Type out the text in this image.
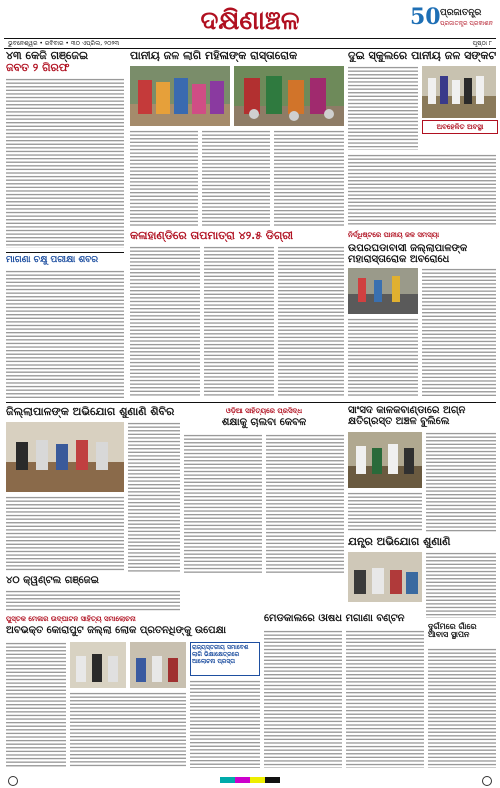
ଦକ୍ଷିଣାଞ୍ଚଳ	50 ପ୍ରଜାତନ୍ତ୍ର
ପ୍ରଜାତନ୍ତ୍ର ପ୍ରକାଶନ
ଭୁବନେଶ୍ୱର • ରବିବାର • ୩୦ ଏପ୍ରିଲ, ୨୦୨୩	ପୃଷ୍ଠା ୮
୪୩ କେଜି ଗଞ୍ଜେଇ
ଜବତ ୨ ଗିରଫ
ମାଗଣା ଚକ୍ଷୁ ପରୀକ୍ଷା ଶିବିର
ପାନୀୟ ଜଳ ଲାଗି ମହିଳାଙ୍କ ରାସ୍ତାରୋକ	ଦୁଇ ସ୍କୁଲରେ ପାନୀୟ ଜଳ ସଙ୍କଟ
ଅବହେଳିତ ଅବସ୍ଥା
କଳାହାଣ୍ଡିରେ ତାପମାତ୍ରା ୪୨.୫ ଡିଗ୍ରୀ	ନିର୍ଦ୍ଧିଷ୍ଟରେ ପାନୀୟ ଜଳ ସମସ୍ୟା
ଉପରଘଡାବାସୀ ଜିଲ୍ଲାପାଳଙ୍କ ମହାରାସ୍ତାରୋକ ଅବରୋଧେ
ଜିଲ୍ଲାପାଳଙ୍କ ଅଭିଯୋଗ ଶୁଣାଣି ଶିବିର	ଓଡ଼ିଆ ସାହିତ୍ୟରେ ପ୍ରସିଦ୍ଧ
ଶିକ୍ଷାକୁ ଚାଲିବା କେବଳ
ସାଂସଦ କାଳକିବାଣ୍ଡାରେ ଅଗ୍ନି କ୍ଷତିଗ୍ରସ୍ତ ଅଞ୍ଚଳ ବୁଲିଲେ
ଯନ୍ତ୍ର ଅଭିଯୋଗ ଶୁଣାଣି
୪୦ କ୍ୱିଣ୍ଟଲ ଗଞ୍ଜେଇ
ପୁସ୍ତକ ମେଳାର ଉଦ୍‌ଘାଟନ ସାହିତ୍ୟ ସମାଲୋଚନା
ଅବିଭକ୍ତ କୋରାପୁଟ ଜିଲ୍ଲା ଲୋକ ପ୍ରତିନିଧିଙ୍କୁ ଉପେକ୍ଷା
ରାଜ୍ୟସ୍ତରୀୟ ସମାବେଶ ଲାଗି ଭିକ୍ଷାକ୍ଷେତ୍ରରେ ଆଲୋଚନା ପ୍ରସ୍ତା
ମେଡିକାଲରେ ଔଷଧ ମଗାଣା ବଣ୍ଟନ
ଦୁର୍ଗମରେ ଗାଁରେ ଆବାସ ସ୍ଥାପନ
